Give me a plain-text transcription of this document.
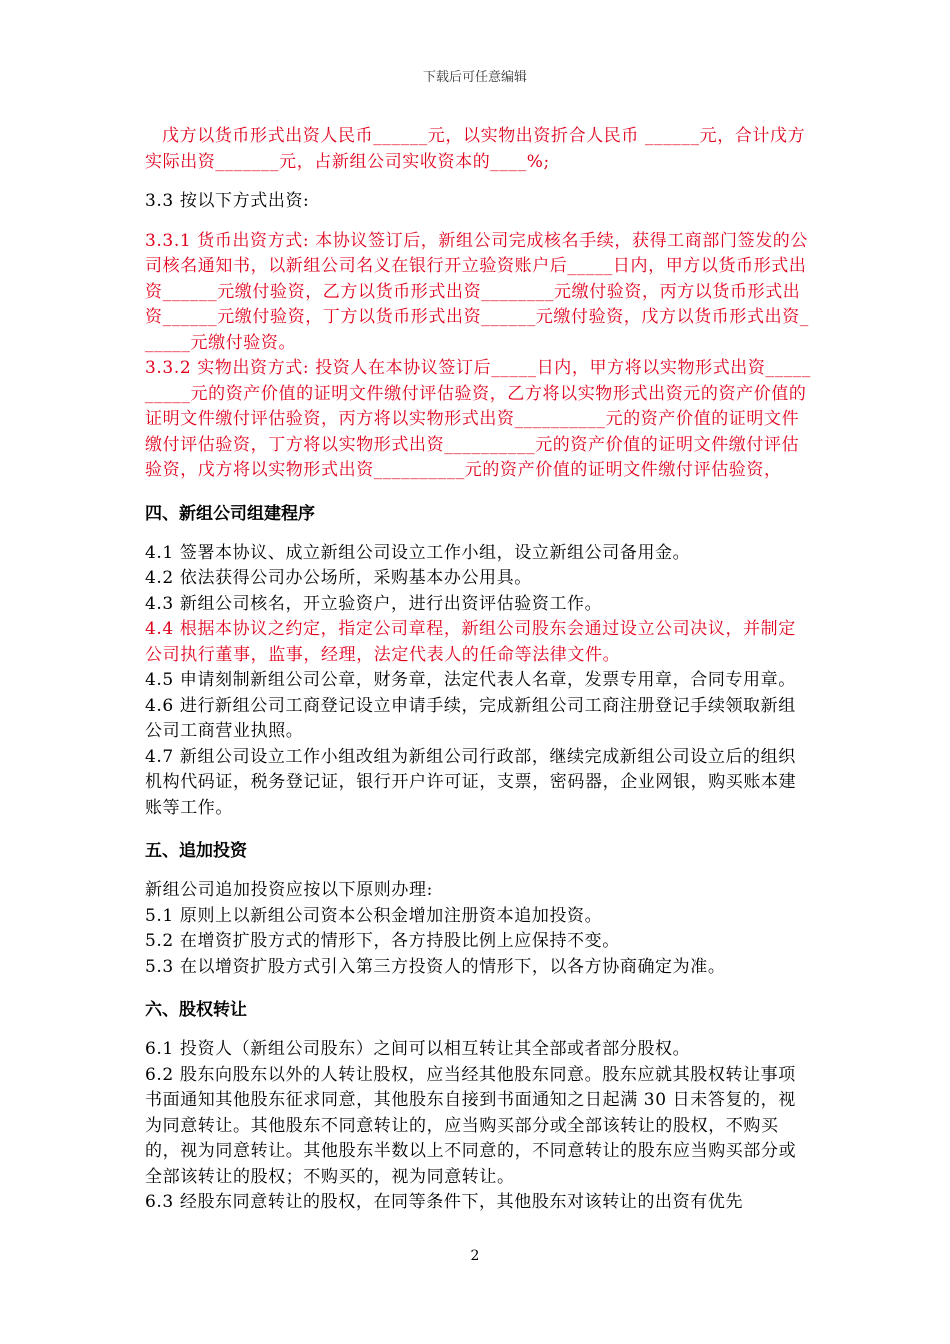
下载后可任意编辑

戊方以货币形式出资人民币______元，以实物出资折合人民币 ______元，合计戊方实际出资_______元，占新组公司实收资本的____%;

3.3 按以下方式出资:

3.3.1 货币出资方式: 本协议签订后，新组公司完成核名手续，获得工商部门签发的公司核名通知书，以新组公司名义在银行开立验资账户后_____日内，甲方以货币形式出资______元缴付验资，乙方以货币形式出资________元缴付验资，丙方以货币形式出资______元缴付验资，丁方以货币形式出资______元缴付验资，戊方以货币形式出资______元缴付验资。

3.3.2 实物出资方式: 投资人在本协议签订后_____日内，甲方将以实物形式出资__________元的资产价值的证明文件缴付评估验资，乙方将以实物形式出资元的资产价值的证明文件缴付评估验资，丙方将以实物形式出资__________元的资产价值的证明文件缴付评估验资，丁方将以实物形式出资__________元的资产价值的证明文件缴付评估验资，戊方将以实物形式出资__________元的资产价值的证明文件缴付评估验资，

四、新组公司组建程序

4.1 签署本协议、成立新组公司设立工作小组，设立新组公司备用金。

4.2 依法获得公司办公场所，采购基本办公用具。

4.3 新组公司核名，开立验资户，进行出资评估验资工作。

4.4 根据本协议之约定，指定公司章程，新组公司股东会通过设立公司决议，并制定公司执行董事，监事，经理，法定代表人的任命等法律文件。

4.5 申请刻制新组公司公章，财务章，法定代表人名章，发票专用章，合同专用章。

4.6 进行新组公司工商登记设立申请手续，完成新组公司工商注册登记手续领取新组公司工商营业执照。

4.7 新组公司设立工作小组改组为新组公司行政部，继续完成新组公司设立后的组织机构代码证，税务登记证，银行开户许可证，支票，密码器，企业网银，购买账本建账等工作。

五、追加投资

新组公司追加投资应按以下原则办理:

5.1 原则上以新组公司资本公积金增加注册资本追加投资。

5.2 在增资扩股方式的情形下，各方持股比例上应保持不变。

5.3 在以增资扩股方式引入第三方投资人的情形下，以各方协商确定为准。

六、股权转让

6.1 投资人（新组公司股东）之间可以相互转让其全部或者部分股权。

6.2 股东向股东以外的人转让股权，应当经其他股东同意。股东应就其股权转让事项书面通知其他股东征求同意，其他股东自接到书面通知之日起满 30 日未答复的，视为同意转让。其他股东不同意转让的，应当购买部分或全部该转让的股权，不购买的，视为同意转让。其他股东半数以上不同意的，不同意转让的股东应当购买部分或全部该转让的股权；不购买的，视为同意转让。

6.3 经股东同意转让的股权，在同等条件下，其他股东对该转让的出资有优先

2
